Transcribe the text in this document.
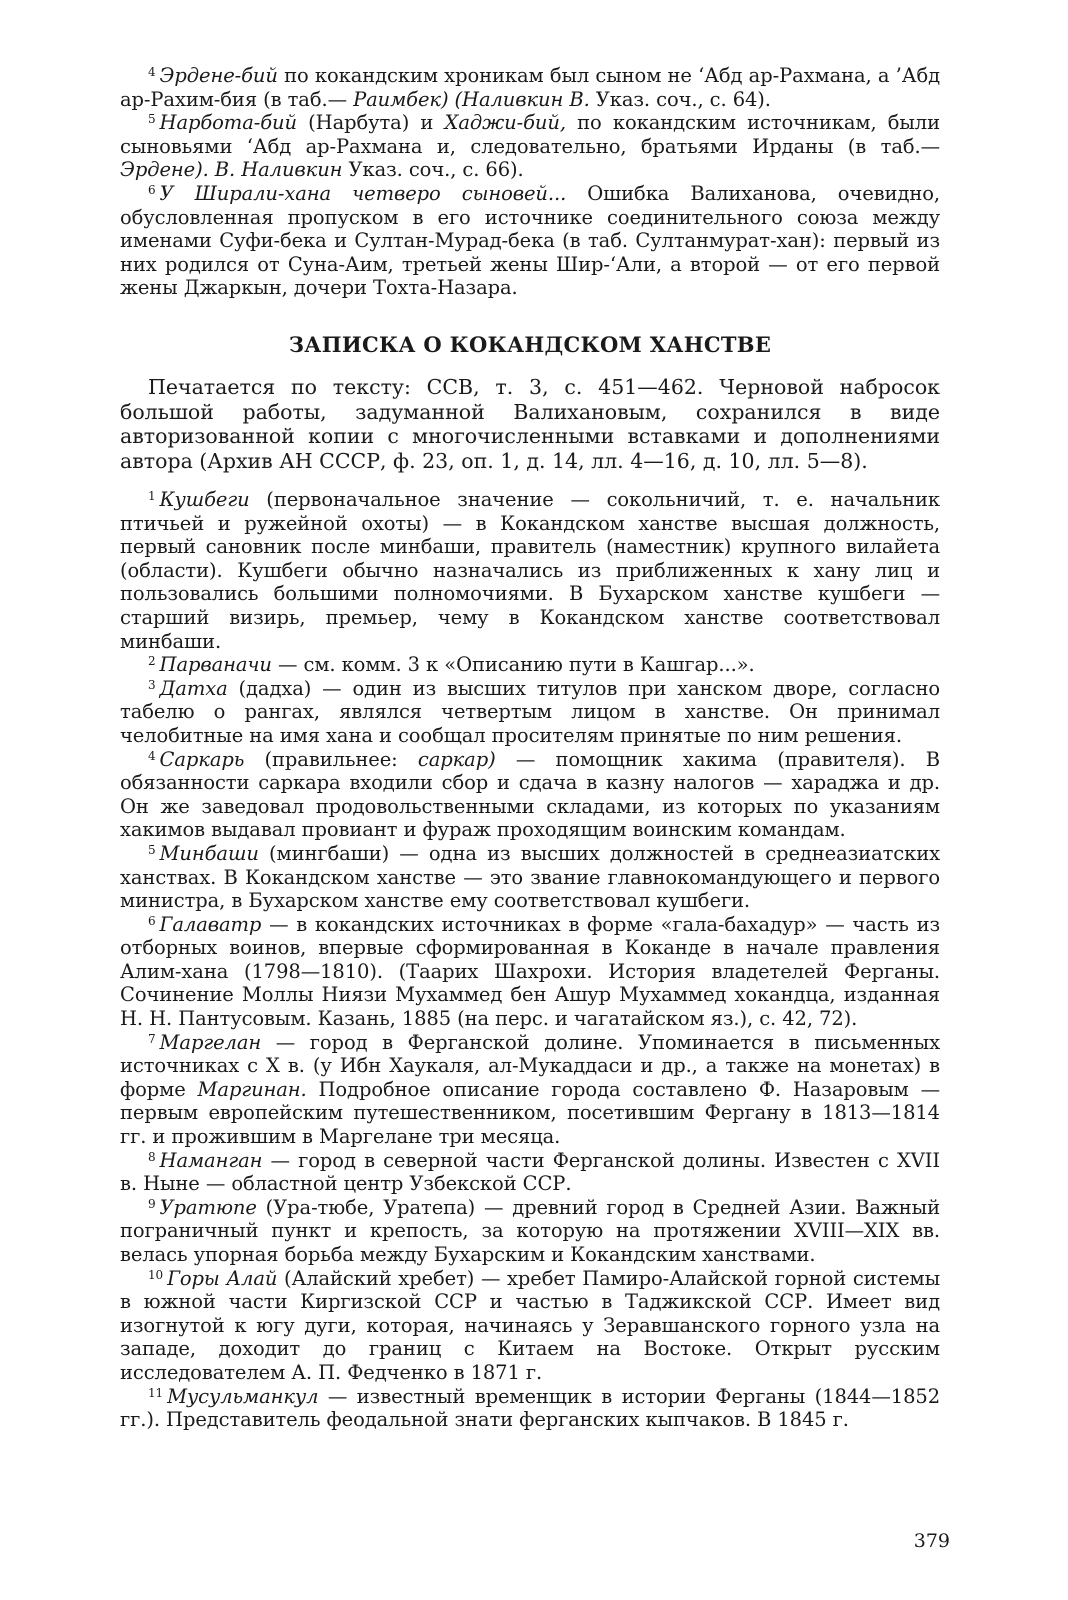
$^4$ Эрдене-бий по кокандским хроникам был сыном не ‘Абд ар-Рахмана, а ’Абд ар-Рахим-бия (в таб.— Раимбек) (Наливкин В. Указ. соч., с. 64).

$^5$ Нарбота-бий (Нарбута) и Хаджи-бий, по кокандским источникам, были сыновьями ‘Абд ар-Рахмана и, следовательно, братьями Ирданы (в таб.— Эрдене). В. Наливкин Указ. соч., с. 66).

$^6$ У Ширали-хана четверо сыновей... Ошибка Валиханова, очевидно, обусловленная пропуском в его источнике соединительного союза между именами Суфи-бека и Султан-Мурад-бека (в таб. Султанмурат-хан): первый из них родился от Суна-Аим, третьей жены Шир-‘Али, а второй — от его первой жены Джаркын, дочери Тохта-Назара.

ЗАПИСКА О КОКАНДСКОМ ХАНСТВЕ

Печатается по тексту: ССВ, т. 3, с. 451—462. Черновой набросок большой работы, задуманной Валихановым, сохранился в виде авторизованной копии с многочисленными вставками и дополнениями автора (Архив АН СССР, ф. 23, оп. 1, д. 14, лл. 4—16, д. 10, лл. 5—8).

$^1$ Кушбеги (первоначальное значение — сокольничий, т. е. начальник птичьей и ружейной охоты) — в Кокандском ханстве высшая должность, первый сановник после минбаши, правитель (наместник) крупного вилайета (области). Кушбеги обычно назначались из приближенных к хану лиц и пользовались большими полномочиями. В Бухарском ханстве кушбеги — старший визирь, премьер, чему в Кокандском ханстве соответствовал минбаши.

$^2$ Парваначи — см. комм. 3 к «Описанию пути в Кашгар...».

$^3$ Датха (дадха) — один из высших титулов при ханском дворе, согласно табелю о рангах, являлся четвертым лицом в ханстве. Он принимал челобитные на имя хана и сообщал просителям принятые по ним решения.

$^4$ Саркарь (правильнее: саркар) — помощник хакима (правителя). В обязанности саркара входили сбор и сдача в казну налогов — хараджа и др. Он же заведовал продовольственными складами, из которых по указаниям хакимов выдавал провиант и фураж проходящим воинским командам.

$^5$ Минбаши (мингбаши) — одна из высших должностей в среднеазиатских ханствах. В Кокандском ханстве — это звание главнокомандующего и первого министра, в Бухарском ханстве ему соответствовал кушбеги.

$^6$ Галаватр — в кокандских источниках в форме «гала-бахадур» — часть из отборных воинов, впервые сформированная в Коканде в начале правления Алим-хана (1798—1810). (Таарих Шахрохи. История владетелей Ферганы. Сочинение Моллы Ниязи Мухаммед бен Ашур Мухаммед хокандца, изданная Н. Н. Пантусовым. Казань, 1885 (на перс. и чагатайском яз.), с. 42, 72).

$^7$ Маргелан — город в Ферганской долине. Упоминается в письменных источниках с X в. (у Ибн Хаукаля, ал-Мукаддаси и др., а также на монетах) в форме Маргинан. Подробное описание города составлено Ф. Назаровым — первым европейским путешественником, посетившим Фергану в 1813—1814 гг. и прожившим в Маргелане три месяца.

$^8$ Наманган — город в северной части Ферганской долины. Известен с XVII в. Ныне — областной центр Узбекской ССР.

$^9$ Уратюпе (Ура-тюбе, Уратепа) — древний город в Средней Азии. Важный пограничный пункт и крепость, за которую на протяжении XVIII—XIX вв. велась упорная борьба между Бухарским и Кокандским ханствами.

$^{10}$ Горы Алай (Алайский хребет) — хребет Памиро-Алайской горной системы в южной части Киргизской ССР и частью в Таджикской ССР. Имеет вид изогнутой к югу дуги, которая, начинаясь у Зеравшанского горного узла на западе, доходит до границ с Китаем на Востоке. Открыт русским исследователем А. П. Федченко в 1871 г.

$^{11}$ Мусульманкул — известный временщик в истории Ферганы (1844—1852 гг.). Представитель феодальной знати ферганских кыпчаков. В 1845 г.

379
